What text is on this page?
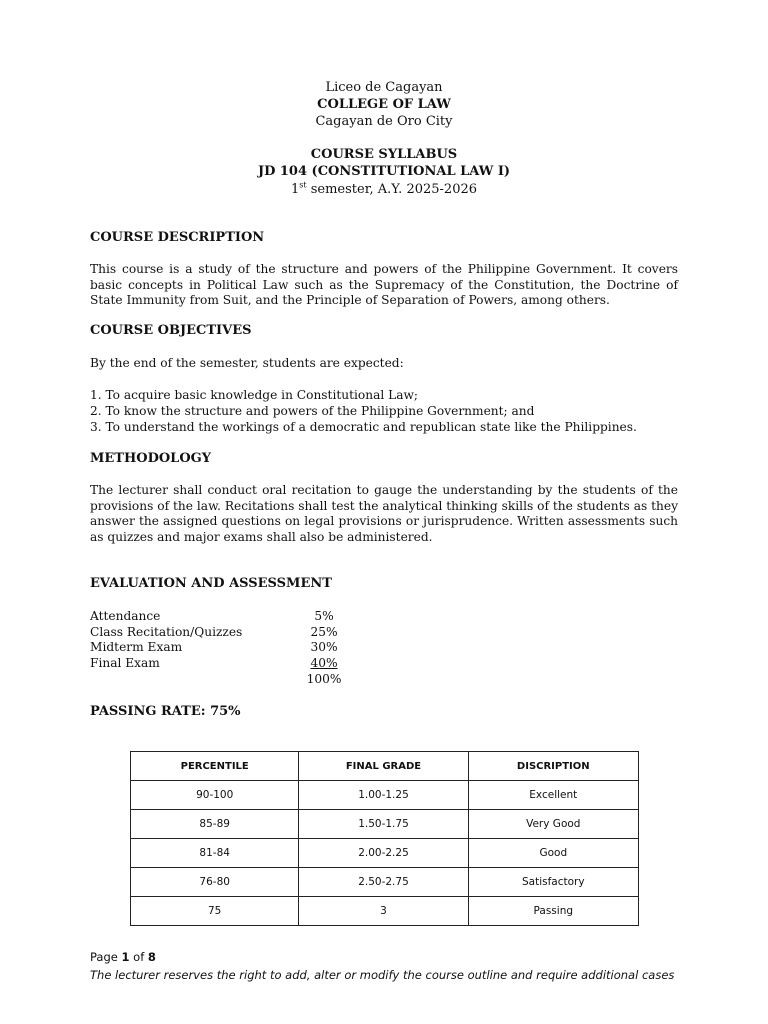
Liceo de Cagayan
COLLEGE OF LAW
Cagayan de Oro City
COURSE SYLLABUS
JD 104 (CONSTITUTIONAL LAW I)
1st semester, A.Y. 2025-2026
COURSE DESCRIPTION

This course is a study of the structure and powers of the Philippine Government. It covers basic concepts in Political Law such as the Supremacy of the Constitution, the Doctrine of State Immunity from Suit, and the Principle of Separation of Powers, among others.

COURSE OBJECTIVES
By the end of the semester, students are expected:
1. To acquire basic knowledge in Constitutional Law;
2. To know the structure and powers of the Philippine Government; and
3. To understand the workings of a democratic and republican state like the Philippines.
METHODOLOGY

The lecturer shall conduct oral recitation to gauge the understanding by the students of the provisions of the law. Recitations shall test the analytical thinking skills of the students as they answer the assigned questions on legal provisions or jurisprudence. Written assessments such as quizzes and major exams shall also be administered.

EVALUATION AND ASSESSMENT
Attendance	5%
Class Recitation/Quizzes	25%
Midterm Exam	30%
Final Exam	40%
100%
PASSING RATE: 75%
PERCENTILE	FINAL GRADE	DISCRIPTION
90-100	1.00-1.25	Excellent
85-89	1.50-1.75	Very Good
81-84	2.00-2.25	Good
76-80	2.50-2.75	Satisfactory
75	3	Passing
Page 1 of 8
The lecturer reserves the right to add, alter or modify the course outline and require additional cases
